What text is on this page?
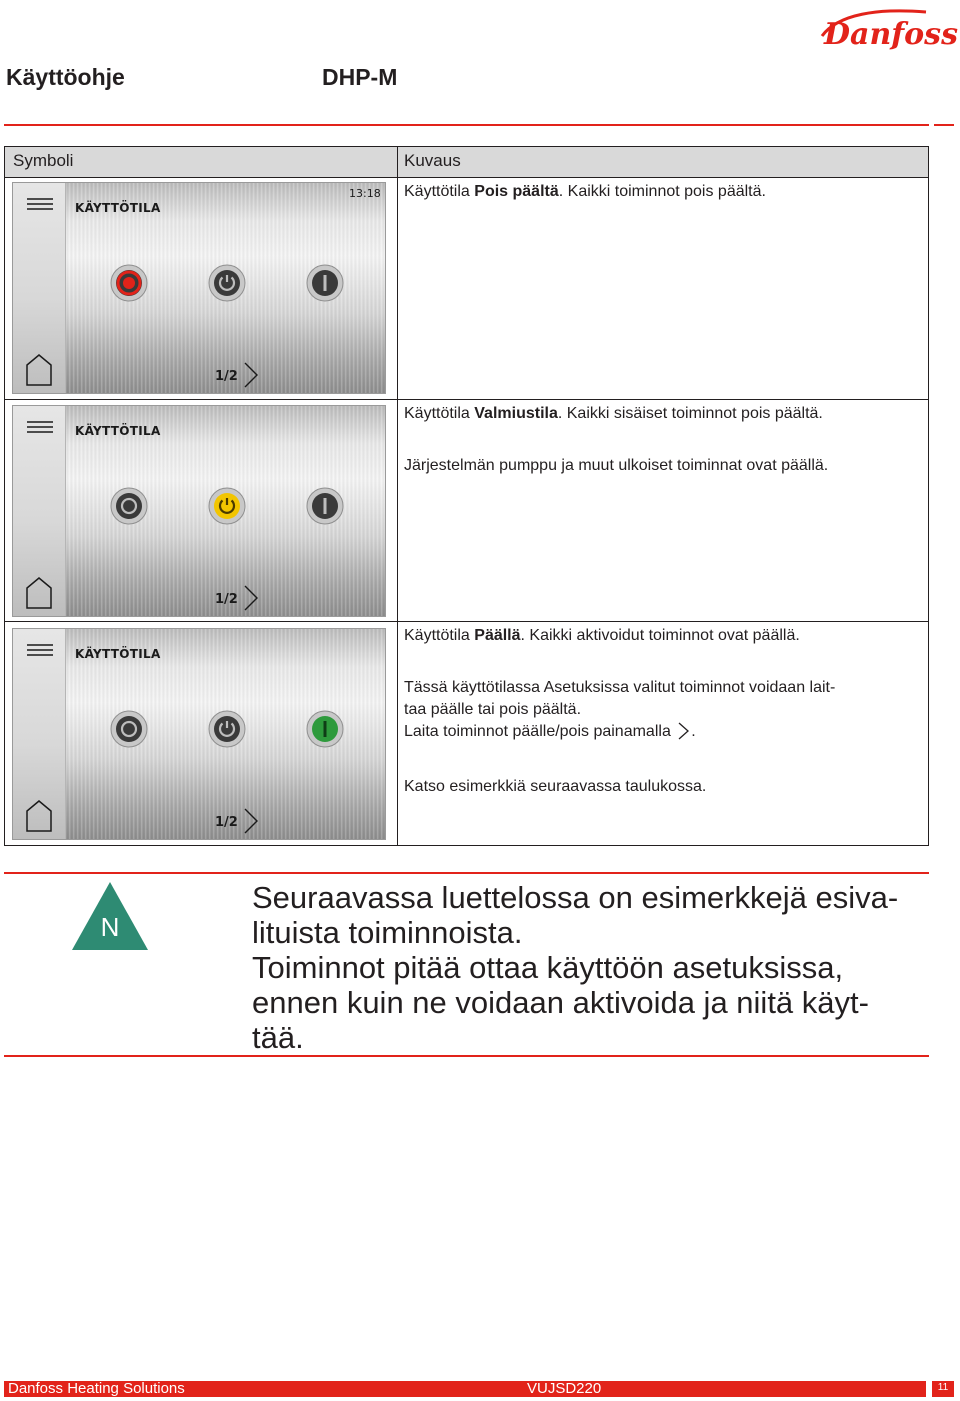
Danfoss
Käyttöohje	DHP-M
Symboli	Kuvaus
KÄYTTÖTILA
13:18
1/2
Käyttötila Pois päältä. Kaikki toiminnot pois päältä.
KÄYTTÖTILA
1/2
Käyttötila Valmiustila. Kaikki sisäiset toiminnot pois päältä.
Järjestelmän pumppu ja muut ulkoiset toiminnat ovat päällä.
KÄYTTÖTILA
1/2
Käyttötila Päällä. Kaikki aktivoidut toiminnot ovat päällä.
Tässä käyttötilassa Asetuksissa valitut toiminnot voidaan lait-
taa päälle tai pois päältä.
Laita toiminnot päälle/pois painamalla .
Katso esimerkkiä seuraavassa taulukossa.
N
Seuraavassa luettelossa on esimerkkejä esiva-
lituista toiminnoista.
Toiminnot pitää ottaa käyttöön asetuksissa,
ennen kuin ne voidaan aktivoida ja niitä käyt-
tää.
Danfoss Heating Solutions	VUJSD220	11
